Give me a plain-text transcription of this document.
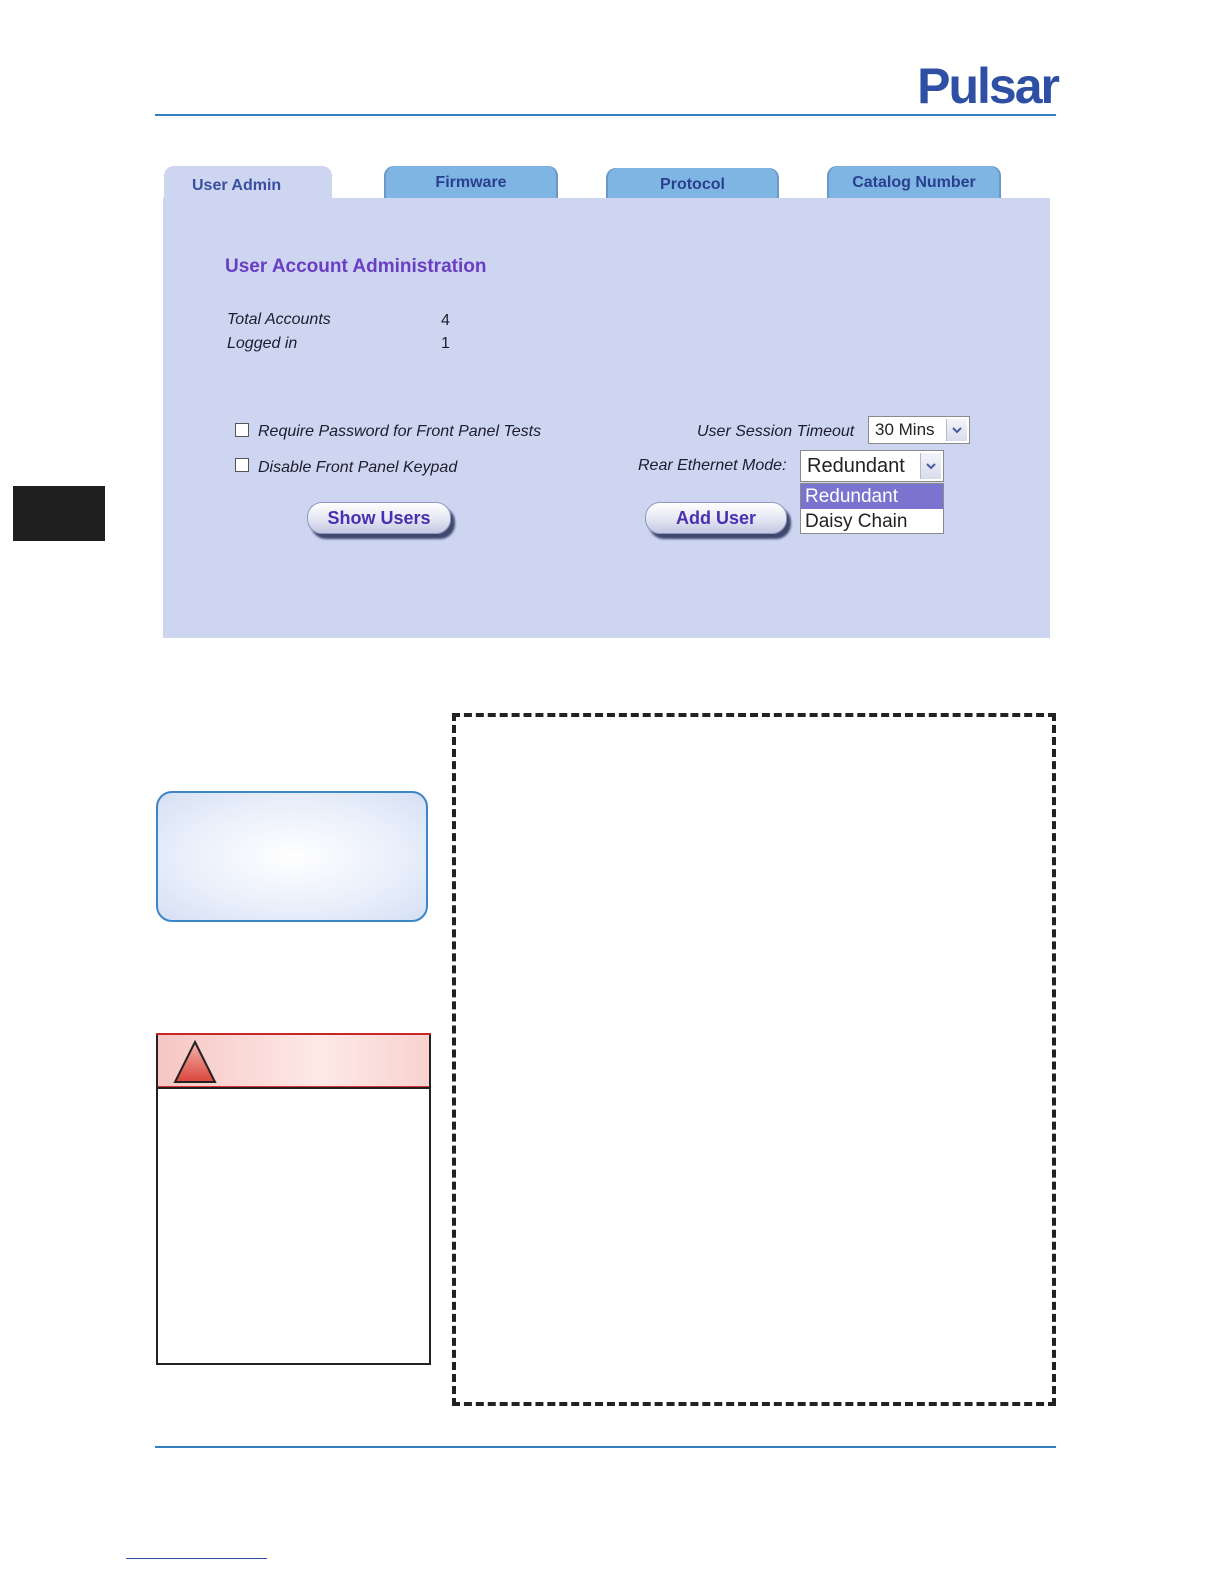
Pulsar
User Admin	Firmware	Protocol	Catalog Number
User Account Administration
Total Accounts	4
Logged in	1
Require Password for Front Panel Tests
Disable Front Panel Keypad
Show Users	Add User
User Session Timeout 30 Mins
Rear Ethernet Mode: Redundant
Redundant
Daisy Chain
